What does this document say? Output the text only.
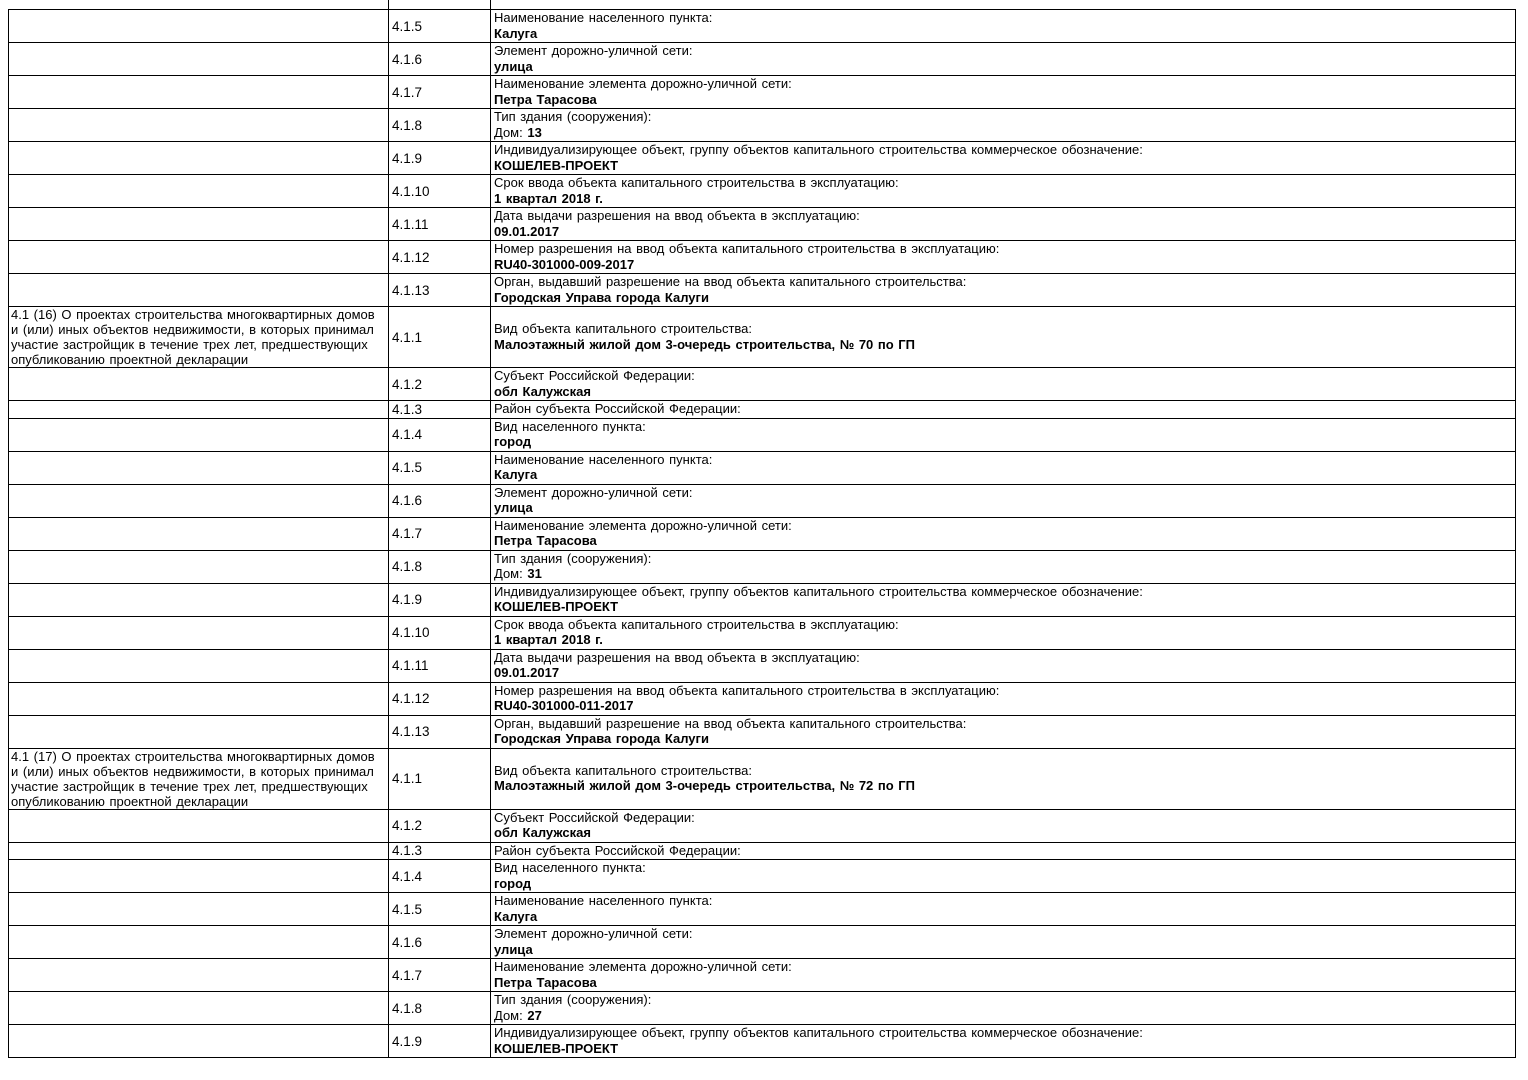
	4.1.5	Наименование населенного пункта:
Калуга

	4.1.6	Элемент дорожно-уличной сети:
улица

	4.1.7	Наименование элемента дорожно-уличной сети:
Петра Тарасова

	4.1.8	Тип здания (сооружения):
Дом: 13

	4.1.9	Индивидуализирующее объект, группу объектов капитального строительства коммерческое обозначение:
КОШЕЛЕВ-ПРОЕКТ

	4.1.10	Срок ввода объекта капитального строительства в эксплуатацию:
1 квартал 2018 г.

	4.1.11	Дата выдачи разрешения на ввод объекта в эксплуатацию:
09.01.2017

	4.1.12	Номер разрешения на ввод объекта капитального строительства в эксплуатацию:
RU40-301000-009-2017

	4.1.13	Орган, выдавший разрешение на ввод объекта капитального строительства:
Городская Управа города Калуги

4.1 (16) О проектах строительства многоквартирных домов
и (или) иных объектов недвижимости, в которых принимал
участие застройщик в течение трех лет, предшествующих
опубликованию проектной декларации
	4.1.1	
Вид объекта капитального строительства:
Малоэтажный жилой дом 3-очередь строительства, № 70 по ГП

	4.1.2	Субъект Российской Федерации:
обл Калужская

	4.1.3	Район субъекта Российской Федерации:

	4.1.4	Вид населенного пункта:
город

	4.1.5	Наименование населенного пункта:
Калуга

	4.1.6	Элемент дорожно-уличной сети:
улица

	4.1.7	Наименование элемента дорожно-уличной сети:
Петра Тарасова

	4.1.8	Тип здания (сооружения):
Дом: 31

	4.1.9	Индивидуализирующее объект, группу объектов капитального строительства коммерческое обозначение:
КОШЕЛЕВ-ПРОЕКТ

	4.1.10	Срок ввода объекта капитального строительства в эксплуатацию:
1 квартал 2018 г.

	4.1.11	Дата выдачи разрешения на ввод объекта в эксплуатацию:
09.01.2017

	4.1.12	Номер разрешения на ввод объекта капитального строительства в эксплуатацию:
RU40-301000-011-2017

	4.1.13	Орган, выдавший разрешение на ввод объекта капитального строительства:
Городская Управа города Калуги

4.1 (17) О проектах строительства многоквартирных домов
и (или) иных объектов недвижимости, в которых принимал
участие застройщик в течение трех лет, предшествующих
опубликованию проектной декларации
	4.1.1	
Вид объекта капитального строительства:
Малоэтажный жилой дом 3-очередь строительства, № 72 по ГП

	4.1.2	Субъект Российской Федерации:
обл Калужская

	4.1.3	Район субъекта Российской Федерации:

	4.1.4	Вид населенного пункта:
город

	4.1.5	Наименование населенного пункта:
Калуга

	4.1.6	Элемент дорожно-уличной сети:
улица

	4.1.7	Наименование элемента дорожно-уличной сети:
Петра Тарасова

	4.1.8	Тип здания (сооружения):
Дом: 27

	4.1.9	Индивидуализирующее объект, группу объектов капитального строительства коммерческое обозначение:
КОШЕЛЕВ-ПРОЕКТ
